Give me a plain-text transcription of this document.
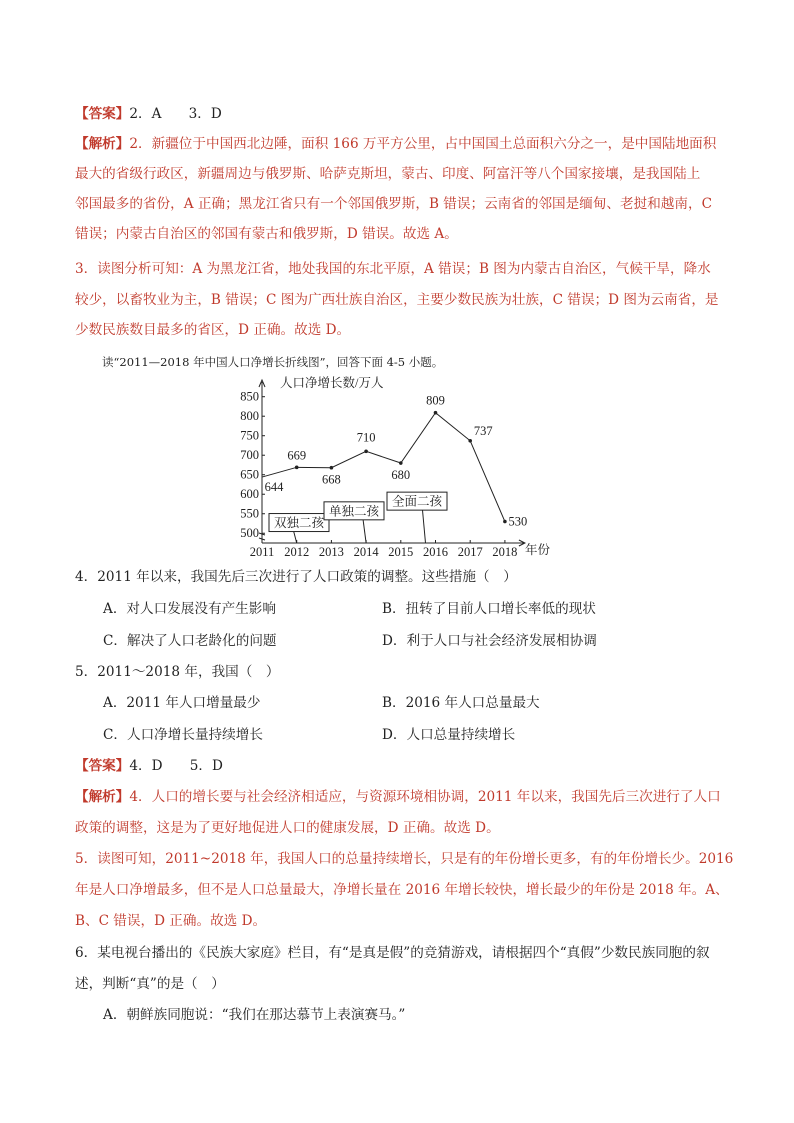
【答案】2．A　　3．D
【解析】2．新疆位于中国西北边陲，面积 166 万平方公里，占中国国土总面积六分之一，是中国陆地面积
最大的省级行政区，新疆周边与俄罗斯、哈萨克斯坦，蒙古、印度、阿富汗等八个国家接壤，是我国陆上
邻国最多的省份，A 正确；黑龙江省只有一个邻国俄罗斯，B 错误；云南省的邻国是缅甸、老挝和越南，C
错误；内蒙古自治区的邻国有蒙古和俄罗斯，D 错误。故选 A。
3．读图分析可知：A 为黑龙江省，地处我国的东北平原，A 错误；B 图为内蒙古自治区，气候干旱，降水
较少，以畜牧业为主，B 错误；C 图为广西壮族自治区，主要少数民族为壮族，C 错误；D 图为云南省，是
少数民族数目最多的省区，D 正确。故选 D。
读“2011—2018 年中国人口净增长折线图”，回答下面 4-5 小题。
500
550
600
650
700
750
800
850
2011 2012 2013 2014 2015 2016 2017 2018
双独二孩
单独二孩
全面二孩
644
669
668
710
680
809
737
530
人口净增长数/万人
年份
4．2011 年以来，我国先后三次进行了人口政策的调整。这些措施（　）
A．对人口发展没有产生影响	B．扭转了目前人口增长率低的现状
C．解决了人口老龄化的问题	D．利于人口与社会经济发展相协调
5．2011～2018 年，我国（　）
A．2011 年人口增量最少	B．2016 年人口总量最大
C．人口净增长量持续增长	D．人口总量持续增长
【答案】4．D　　5．D
【解析】4．人口的增长要与社会经济相适应，与资源环境相协调，2011 年以来，我国先后三次进行了人口
政策的调整，这是为了更好地促进人口的健康发展，D 正确。故选 D。
5．读图可知，2011~2018 年，我国人口的总量持续增长，只是有的年份增长更多，有的年份增长少。2016
年是人口净增最多，但不是人口总量最大，净增长量在 2016 年增长较快，增长最少的年份是 2018 年。A、
B、C 错误，D 正确。故选 D。
6．某电视台播出的《民族大家庭》栏目，有“是真是假”的竞猜游戏，请根据四个“真假”少数民族同胞的叙
述，判断“真”的是（　）
A．朝鲜族同胞说：“我们在那达慕节上表演赛马。”
